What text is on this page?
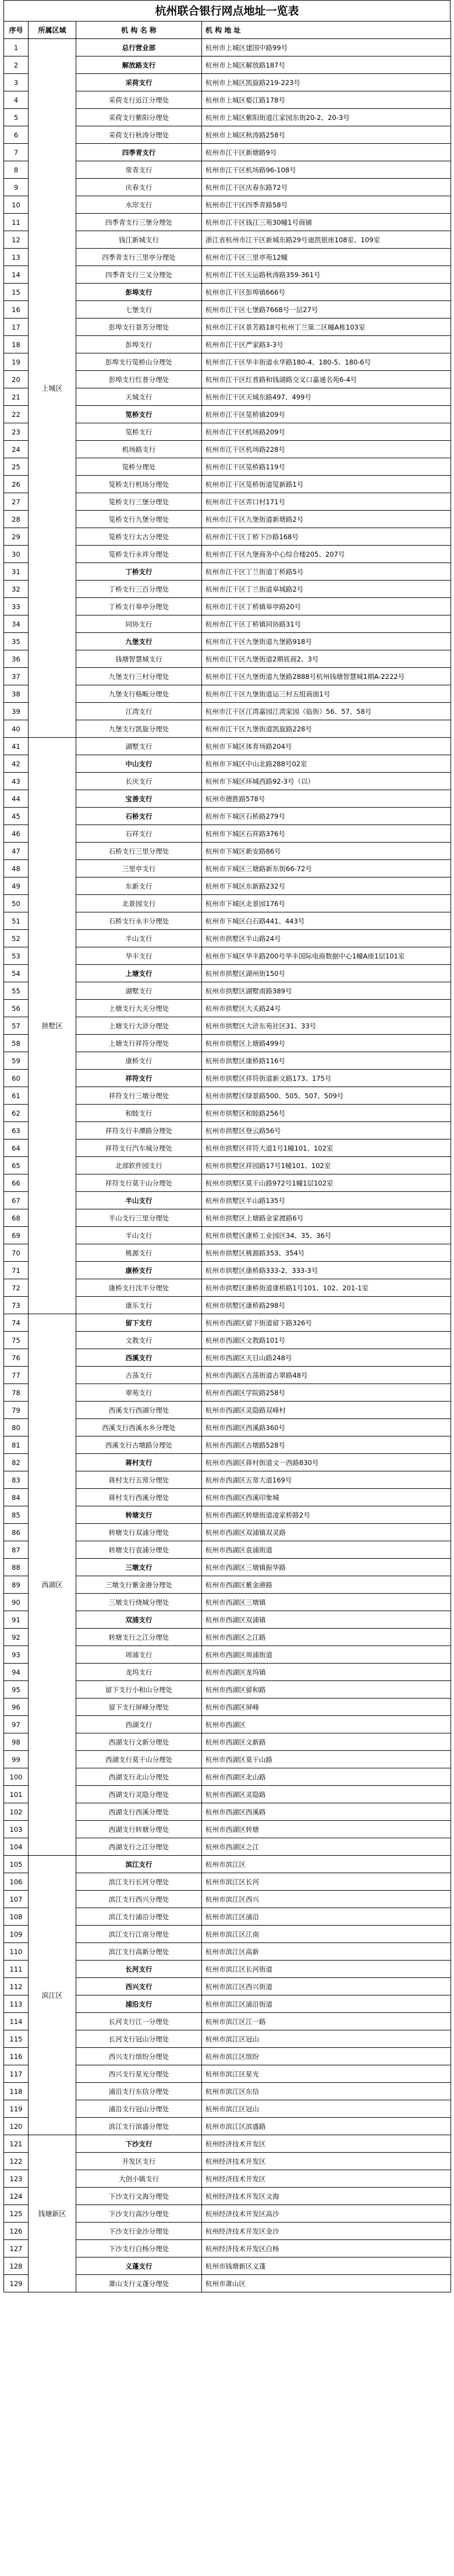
杭州联合银行网点地址一览表
序号	所属区域	机 构 名 称	机 构 地 址
1	上城区	总行营业部	杭州市上城区建国中路99号
2		解放路支行	杭州市上城区解放路187号
3		采荷支行	杭州市上城区凯旋路219-223号
4		采荷支行近江分理处	杭州市上城区婺江路178号
5		采荷支行紫阳分理处	杭州市上城区紫阳街道江家园东街20-2、20-3号
6		采荷支行秋涛分理处	杭州市上城区秋涛路258号
7		四季青支行	杭州市江干区新塘路9号
8		常青支行	杭州市江干区机场路96-108号
9		庆春支行	杭州市江干区庆春东路72号
10		水岸支行	杭州市江干区四季青路58号
11		四季青支行三堡分理处	杭州市江干区钱江三苑30幢1号商铺
12		钱江新城支行	浙江省杭州市江干区新城东路29号迪凯银座108室、109室
13		四季青支行三里亭分理处	杭州市江干区三里亭苑12幢
14		四季青支行三叉分理处	杭州市江干区天运路秋涛路359-361号
15		彭埠支行	杭州市江干区彭埠镇666号
16		七堡支行	杭州市江干区七堡路7668号一层27号
17		彭埠支行景芳分理处	杭州市江干区景芳路18号杭州丁兰第二区幢A栋103室
18		彭埠支行	杭州市江干区严家路3-3号
19		彭埠支行笕桥山分理处	杭州市江干区华丰街道永华路180-4、180-5、180-6号
20		彭埠支行红普分理处	杭州市江干区红普路和钱湖路交叉口嘉通名苑6-4号
21		天城支行	杭州市江干区天城东路497、499号
22		笕桥支行	杭州市江干区笕桥镇209号
23		笕桥支行	杭州市江干区机场路209号
24		机场路支行	杭州市江干区机场路228号
25		笕桥分理处	杭州市江干区笕桥路119号
26		笕桥支行机场分理处	杭州市江干区笕桥街道笕新路1号
27		笕桥支行三堡分理处	杭州市江干区弄口村171号
28		笕桥支行九堡分理处	杭州市江干区九堡街道新塘路2号
29		笕桥支行太古分理处	杭州市江干区丁桥下沙路168号
30		笕桥支行永祥分理处	杭州市江干区九堡商务中心综合楼205、207号
31		丁桥支行	杭州市江干区丁兰街道丁桥路5号
32		丁桥支行三百分理处	杭州市江干区丁兰街道皋城路2号
33		丁桥支行皋亭分理处	杭州市江干区丁桥镇皋亭路20号
34		同协支行	杭州市江干区丁桥镇同协路31号
35		九堡支行	杭州市江干区九堡街道九堡路918号
36		钱塘智慧城支行	杭州市江干区九堡街道2期底商2、3号
37		九堡支行三村分理处	杭州市江干区九堡街道九堡路2888号杭州钱塘智慧城1期A-2222号
38		九堡支行格畈分理处	杭州市江干区九堡街道运三村五组商面1号
39		江湾支行	杭州市江干区江湾嘉园江湾家园（临街）56、57、58号
40		九堡支行凯旋分理处	杭州市江干区九堡街道凯旋路228号
41	拱墅区	湖墅支行	杭州市下城区体育场路204号
42		中山支行	杭州市下城区中山北路288号02室
43		长庆支行	杭州市下城区环城西路92-3号（以）
44		宝善支行	杭州市德胜路578号
45		石桥支行	杭州市下城区石桥路279号
46		石祥支行	杭州市下城区石祥路376号
47		石桥支行三里分理处	杭州市下城区新安路86号
48		三里亭支行	杭州市下城区三塘路新东街66-72号
49		东新支行	杭州市下城区东新路232号
50		北景园支行	杭州市下城区北景园176号
51		石桥支行永丰分理处	杭州市下城区白石路441、443号
52		半山支行	杭州市拱墅区半山路24号
53		华丰支行	杭州市下城区华丰路200号华丰国际电商数据中心1幢A座1层101室
54		上塘支行	杭州市拱墅区湖州街150号
55		湖墅支行	杭州市拱墅区湖墅南路389号
56		上塘支行大关分理处	杭州市拱墅区大关路24号
57		上塘支行大浒分理处	杭州市拱墅区大浒东苑社区31、33号
58		上塘支行祥符分理处	杭州市拱墅区上塘路499号
59		康桥支行	杭州市拱墅区康桥路116号
60		祥符支行	杭州市拱墅区祥符街道新文路173、175号
61		祥符支行三墩分理处	杭州市拱墅区绿景路500、505、507、509号
62		和睦支行	杭州市拱墅区和睦路256号
63		祥符支行丰潭路分理处	杭州市拱墅区登云路56号
64		祥符支行汽车城分理处	杭州市拱墅区祥符大道1号1幢101、102室
65		北部软件园支行	杭州市拱墅区祥园路17号1幢101、102室
66		祥符支行莫干山分理处	杭州市拱墅区莫干山路972号1幢1层102室
67		半山支行	杭州市拱墅区半山路135号
68		半山支行三里分理处	杭州市拱墅区上塘路金家渡路6号
69		半山支行	杭州市拱墅区康桥工业园区34、35、36号
70		桃源支行	杭州市拱墅区桃源路353、354号
71		康桥支行	杭州市拱墅区康桥路333-2、333-3号
72		康桥支行沈半分理处	杭州市拱墅区康桥街道康桥路1号101、102、201-1室
73		康乐支行	杭州市拱墅区康桥路298号
74	西湖区	留下支行	杭州市西湖区留下街道留下路326号
75		文教支行	杭州市西湖区文教路101号
76		西溪支行	杭州市西湖区天目山路248号
77		古荡支行	杭州市西湖区古荡街道古翠路48号
78		翠苑支行	杭州市西湖区学院路258号
79		西溪支行西湖分理处	杭州市西湖区灵隐路双峰村
80		西溪支行西溪水乡分理处	杭州市西湖区西溪路360号
81		西溪支行古墩路分理处	杭州市西湖区古墩路528号
82		蒋村支行	杭州市西湖区蒋村街道文一西路830号
83		蒋村支行五常分理处	杭州市西湖区五常大道169号
84		蒋村支行西溪分理处	杭州市西湖区西溪印象城
85		转塘支行	杭州市西湖区转塘街道凌家桥路2号
86		转塘支行双浦分理处	杭州市西湖区双浦镇双灵路
87		转塘支行袁浦分理处	杭州市西湖区袁浦街道
88		三墩支行	杭州市西湖区三墩镇振华路
89		三墩支行紫金港分理处	杭州市西湖区紫金港路
90		三墩支行绕城分理处	杭州市西湖区三墩镇
91		双浦支行	杭州市西湖区双浦镇
92		转塘支行之江分理处	杭州市西湖区之江路
93		周浦支行	杭州市西湖区周浦街道
94		龙坞支行	杭州市西湖区龙坞镇
95		留下支行小和山分理处	杭州市西湖区留和路
96		留下支行屏峰分理处	杭州市西湖区屏峰
97		西湖支行	杭州市西湖区
98		西湖支行文新分理处	杭州市西湖区文新路
99		西湖支行莫干山分理处	杭州市西湖区莫干山路
100		西湖支行北山分理处	杭州市西湖区北山路
101		西湖支行灵隐分理处	杭州市西湖区灵隐路
102		西湖支行西溪分理处	杭州市西湖区西溪路
103		西湖支行转塘分理处	杭州市西湖区转塘
104		西湖支行之江分理处	杭州市西湖区之江
105	滨江区	滨江支行	杭州市滨江区
106		滨江支行长河分理处	杭州市滨江区长河
107		滨江支行西兴分理处	杭州市滨江区西兴
108		滨江支行浦沿分理处	杭州市滨江区浦沿
109		滨江支行江南分理处	杭州市滨江区江南
110		滨江支行高新分理处	杭州市滨江区高新
111		长河支行	杭州市滨江区长河街道
112		西兴支行	杭州市滨江区西兴街道
113		浦沿支行	杭州市滨江区浦沿街道
114		长河支行江一分理处	杭州市滨江区江一路
115		长河支行冠山分理处	杭州市滨江区冠山
116		西兴支行缤纷分理处	杭州市滨江区缤纷
117		西兴支行星光分理处	杭州市滨江区星光
118		浦沿支行东信分理处	杭州市滨江区东信
119		浦沿支行冠山分理处	杭州市滨江区冠山
120		滨江支行滨盛分理处	杭州市滨江区滨盛路
121	钱塘新区	下沙支行	杭州经济技术开发区
122		开发区支行	杭州经济技术开发区
123		大创小镇支行	杭州经济技术开发区
124		下沙支行文海分理处	杭州经济技术开发区文海
125		下沙支行高沙分理处	杭州经济技术开发区高沙
126		下沙支行金沙分理处	杭州经济技术开发区金沙
127		下沙支行白杨分理处	杭州经济技术开发区白杨
128		义蓬支行	杭州市钱塘新区义蓬
129		萧山支行义蓬分理处	杭州市萧山区
